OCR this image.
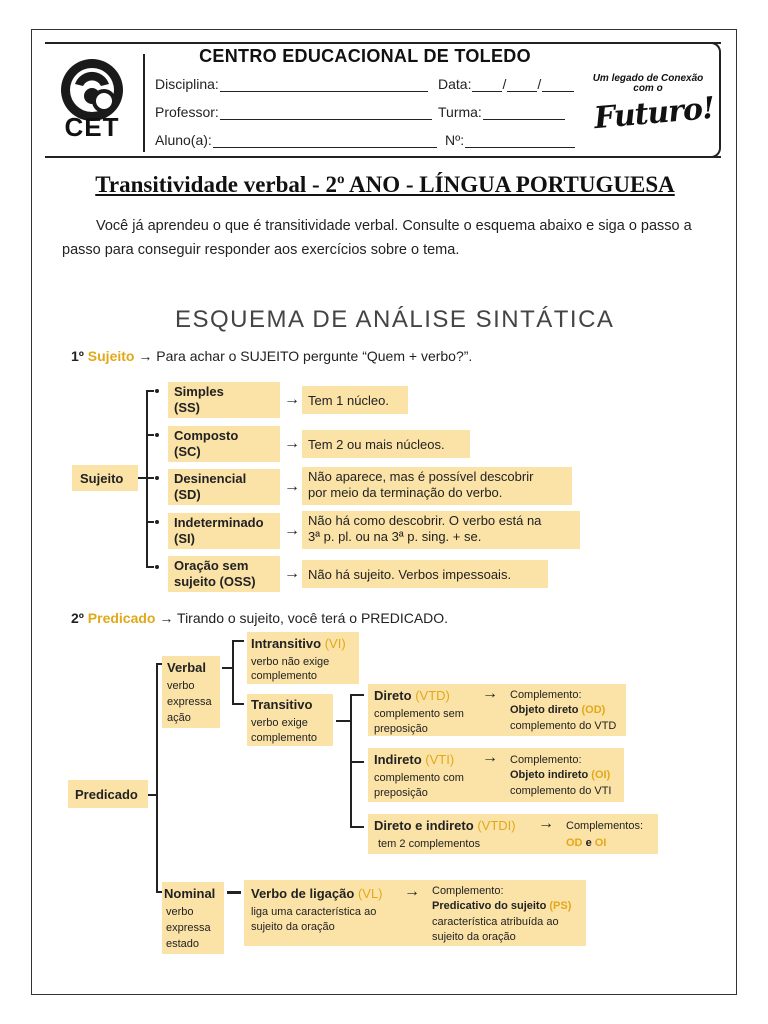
CET
CENTRO EDUCACIONAL DE TOLEDO
Disciplina:	Data: / /
Professor:	Turma:
Aluno(a):	Nº:
Um legado de Conexão com o
Futuro!
Transitividade verbal - 2º ANO - LÍNGUA PORTUGUESA
Você já aprendeu o que é transitividade verbal. Consulte o esquema abaixo e siga o passo a passo para conseguir responder aos exercícios sobre o tema.
ESQUEMA DE ANÁLISE SINTÁTICA
1º Sujeito → Para achar o SUJEITO pergunte “Quem + verbo?”.
Sujeito
Simples
(SS)	→ Tem 1 núcleo.
Composto
(SC)	→ Tem 2 ou mais núcleos.
Desinencial
(SD)	→
Não aparece, mas é possível descobrir
por meio da terminação do verbo.
Indeterminado
(SI)	→
Não há como descobrir. O verbo está na
3ª p. pl. ou na 3ª p. sing. + se.
Oração sem
sujeito (OSS) → Não há sujeito. Verbos impessoais.
2º Predicado → Tirando o sujeito, você terá o PREDICADO.
Predicado
Verbal
verbo
expressa
ação
Intransitivo (VI)
verbo não exige
complemento
Transitivo
verbo exige
complemento
Direto (VTD)
complemento sem
preposição
→ Complemento:
Objeto direto (OD)
complemento do VTD
Indireto (VTI)
complemento com
preposição
→ Complemento:
Objeto indireto (OI)
complemento do VTI
Direto e indireto (VTDI)
tem 2 complementos
→ Complementos:
OD e OI
Nominal
verbo
expressa
estado
Verbo de ligação (VL)
liga uma característica ao
sujeito da oração
→ Complemento:
Predicativo do sujeito (PS)
característica atribuída ao
sujeito da oração
